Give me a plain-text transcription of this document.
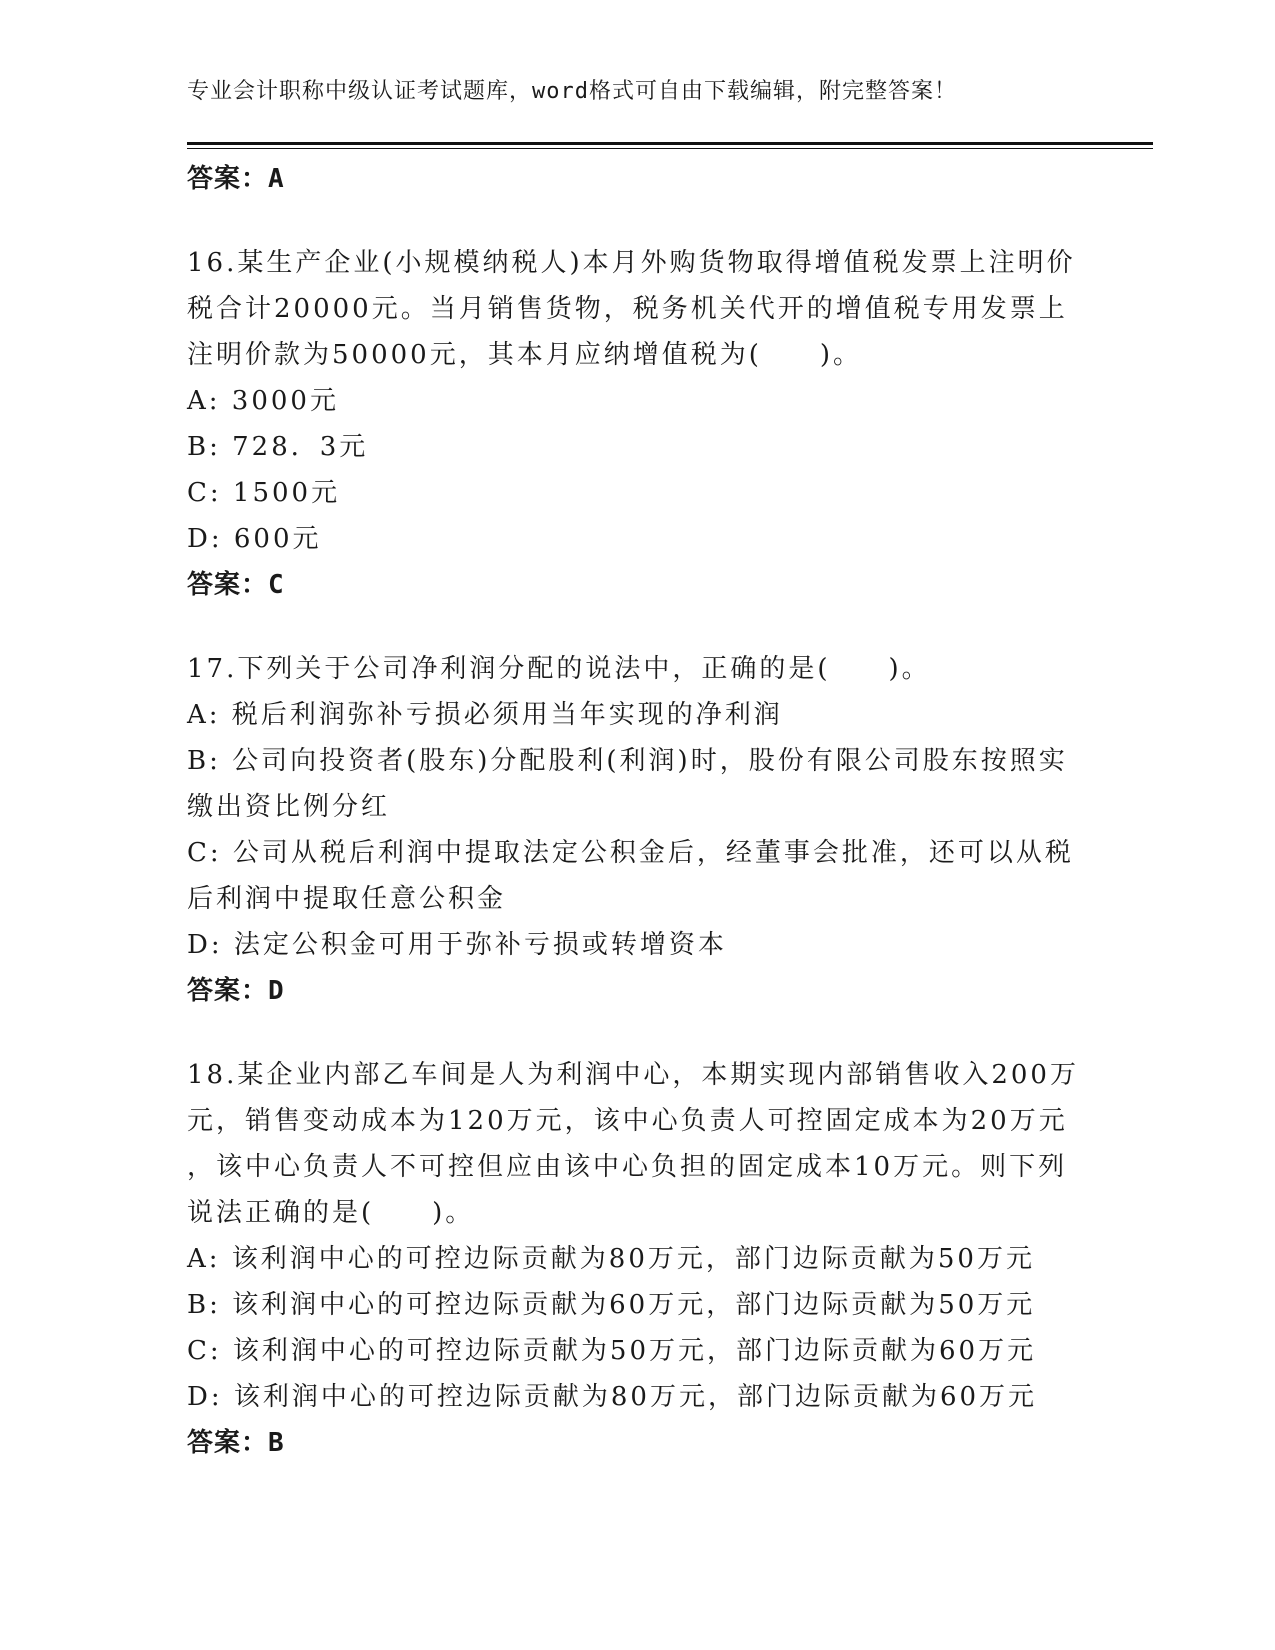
专业会计职称中级认证考试题库，word格式可自由下载编辑，附完整答案！
答案：A
16.某生产企业(小规模纳税人)本月外购货物取得增值税发票上注明价
税合计20000元。当月销售货物，税务机关代开的增值税专用发票上
注明价款为50000元，其本月应纳增值税为(　　)。
A: 3000元
B: 728．3元
C: 1500元
D: 600元
答案：C
17.下列关于公司净利润分配的说法中，正确的是(　　)。
A: 税后利润弥补亏损必须用当年实现的净利润
B: 公司向投资者(股东)分配股利(利润)时，股份有限公司股东按照实
缴出资比例分红
C: 公司从税后利润中提取法定公积金后，经董事会批准，还可以从税
后利润中提取任意公积金
D: 法定公积金可用于弥补亏损或转增资本
答案：D
18.某企业内部乙车间是人为利润中心，本期实现内部销售收入200万
元，销售变动成本为120万元，该中心负责人可控固定成本为20万元
，该中心负责人不可控但应由该中心负担的固定成本10万元。则下列
说法正确的是(　　)。
A: 该利润中心的可控边际贡献为80万元，部门边际贡献为50万元
B: 该利润中心的可控边际贡献为60万元，部门边际贡献为50万元
C: 该利润中心的可控边际贡献为50万元，部门边际贡献为60万元
D: 该利润中心的可控边际贡献为80万元，部门边际贡献为60万元
答案：B
